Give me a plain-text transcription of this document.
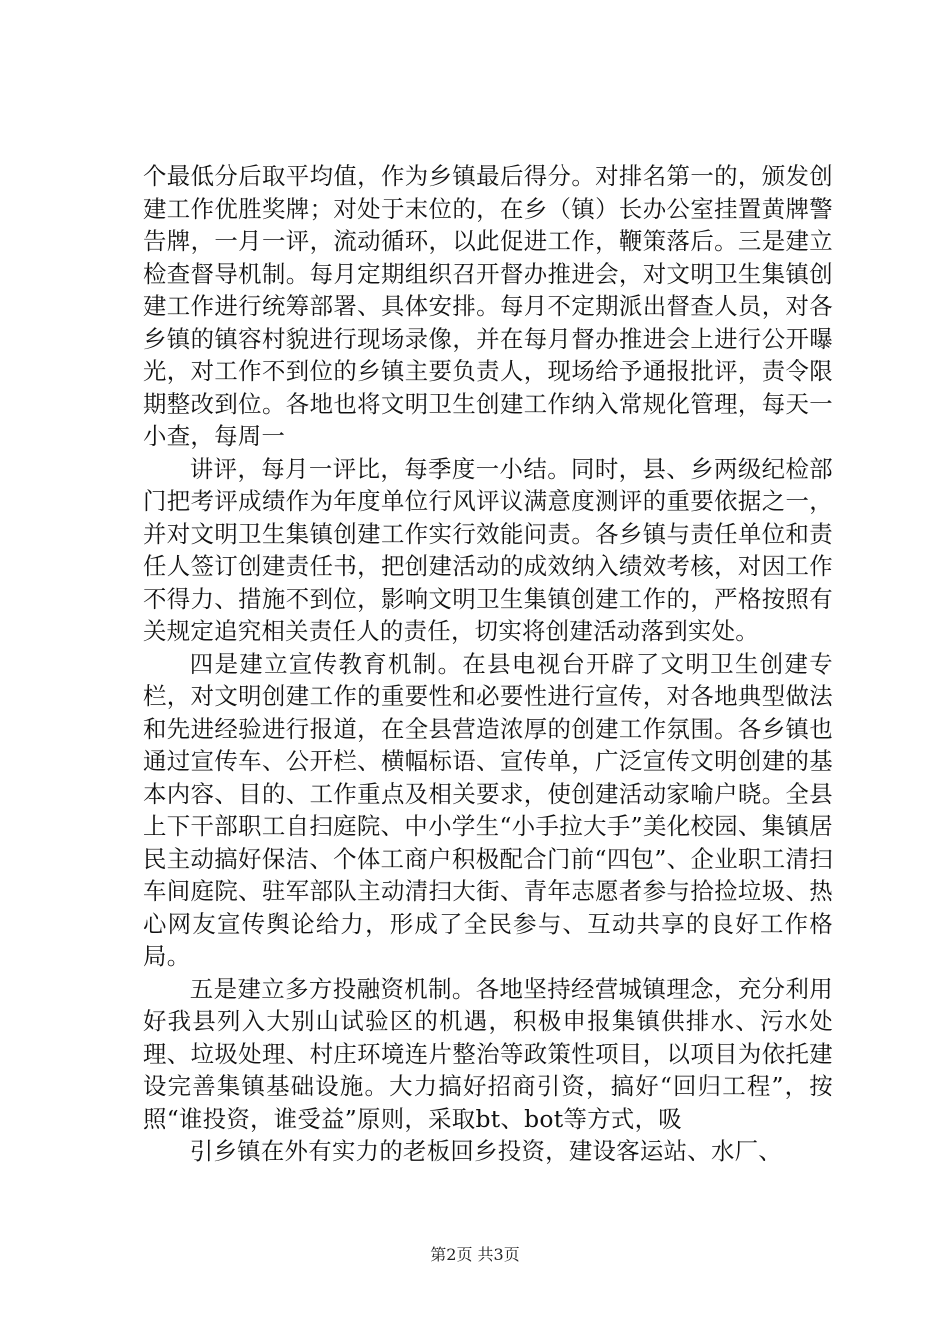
个最低分后取平均值，作为乡镇最后得分。对排名第一的，颁发创建工作优胜奖牌；对处于末位的，在乡（镇）长办公室挂置黄牌警告牌，一月一评，流动循环，以此促进工作，鞭策落后。三是建立检查督导机制。每月定期组织召开督办推进会，对文明卫生集镇创建工作进行统筹部署、具体安排。每月不定期派出督查人员，对各乡镇的镇容村貌进行现场录像，并在每月督办推进会上进行公开曝光，对工作不到位的乡镇主要负责人，现场给予通报批评，责令限期整改到位。各地也将文明卫生创建工作纳入常规化管理，每天一小查，每周一

讲评，每月一评比，每季度一小结。同时，县、乡两级纪检部门把考评成绩作为年度单位行风评议满意度测评的重要依据之一，并对文明卫生集镇创建工作实行效能问责。各乡镇与责任单位和责任人签订创建责任书，把创建活动的成效纳入绩效考核，对因工作不得力、措施不到位，影响文明卫生集镇创建工作的，严格按照有关规定追究相关责任人的责任，切实将创建活动落到实处。

四是建立宣传教育机制。在县电视台开辟了文明卫生创建专栏，对文明创建工作的重要性和必要性进行宣传，对各地典型做法和先进经验进行报道，在全县营造浓厚的创建工作氛围。各乡镇也通过宣传车、公开栏、横幅标语、宣传单，广泛宣传文明创建的基本内容、目的、工作重点及相关要求，使创建活动家喻户晓。全县上下干部职工自扫庭院、中小学生“小手拉大手”美化校园、集镇居民主动搞好保洁、个体工商户积极配合门前“四包”、企业职工清扫车间庭院、驻军部队主动清扫大街、青年志愿者参与拾捡垃圾、热心网友宣传舆论给力，形成了全民参与、互动共享的良好工作格局。

五是建立多方投融资机制。各地坚持经营城镇理念，充分利用好我县列入大别山试验区的机遇，积极申报集镇供排水、污水处理、垃圾处理、村庄环境连片整治等政策性项目，以项目为依托建设完善集镇基础设施。大力搞好招商引资，搞好“回归工程”，按照“谁投资，谁受益”原则，采取bt、bot等方式，吸

引乡镇在外有实力的老板回乡投资，建设客运站、水厂、

第2页 共3页
